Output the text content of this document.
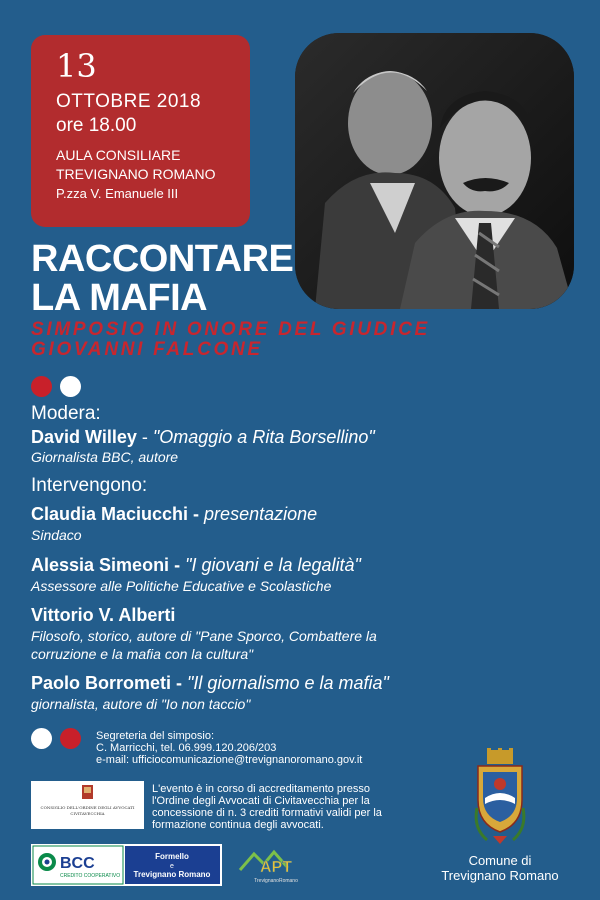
13
OTTOBRE 2018
ore 18.00
AULA CONSILIARE
TREVIGNANO ROMANO
P.zza V. Emanuele III
RACCONTARE
LA MAFIA
SIMPOSIO IN ONORE DEL GIUDICE
GIOVANNI FALCONE
Modera:
David Willey - "Omaggio a Rita Borsellino"
Giornalista BBC, autore
Intervengono:
Claudia Maciucchi - presentazione
Sindaco
Alessia Simeoni - "I giovani e la legalità"
Assessore alle Politiche Educative e Scolastiche
Vittorio V. Alberti
Filosofo, storico, autore di "Pane Sporco, Combattere la
corruzione e la mafia con la cultura"
Paolo Borrometi - "Il giornalismo e la mafia"
giornalista, autore di "Io non taccio"
Segreteria del simposio:
C. Marricchi, tel. 06.999.120.206/203
e-mail: ufficiocomunicazione@trevignanoromano.gov.it
CONSIGLIO DELL'ORDINE DEGLI AVVOCATI
CIVITAVECCHIA
L'evento è in corso di accreditamento presso
l'Ordine degli Avvocati di Civitavecchia per la
concessione di n. 3 crediti formativi validi per la
formazione continua degli avvocati.
BCC
CREDITO COOPERATIVO
Formello
e
Trevignano Romano	APT
TrevignanoRomano
Comune di
Trevignano Romano
